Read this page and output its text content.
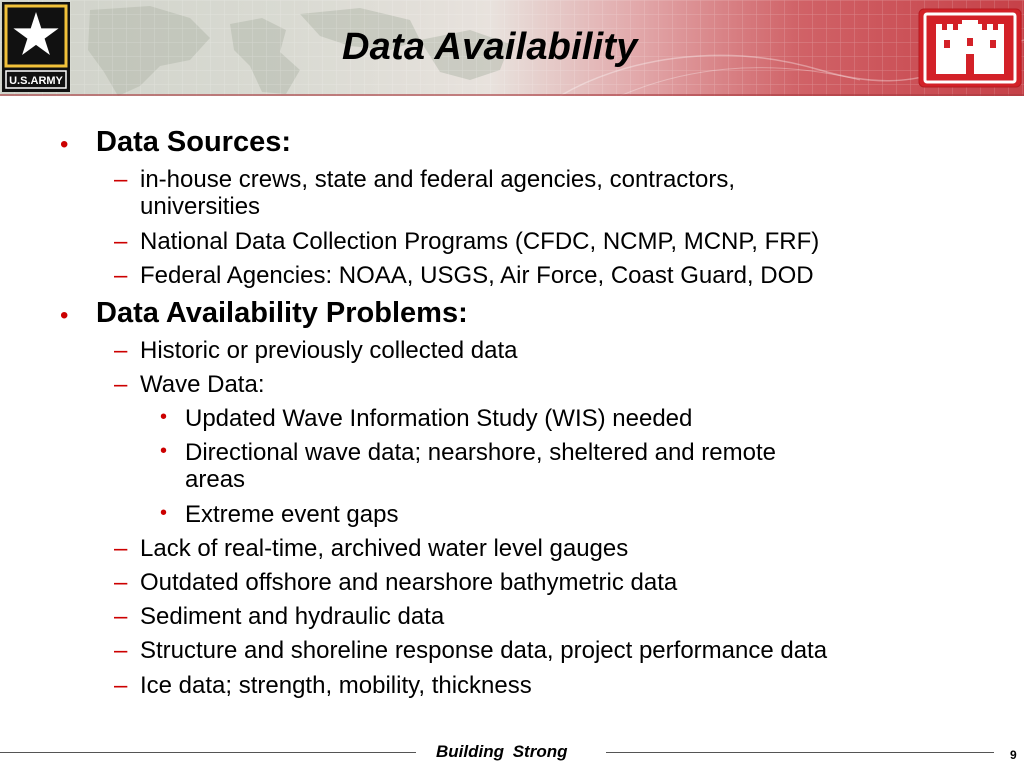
U.S.ARMY
Data Availability
• Data Sources:
– in-house crews, state and federal agencies, contractors,
universities
– National Data Collection Programs (CFDC, NCMP, MCNP, FRF)
– Federal Agencies: NOAA, USGS, Air Force, Coast Guard, DOD
• Data Availability Problems:
– Historic or previously collected data
– Wave Data:
• Updated Wave Information Study (WIS) needed
• Directional wave data; nearshore, sheltered and remote
areas
• Extreme event gaps
– Lack of real-time, archived water level gauges
– Outdated offshore and nearshore bathymetric data
– Sediment and hydraulic data
– Structure and shoreline response data, project performance data
– Ice data; strength, mobility, thickness
Building Strong	9
